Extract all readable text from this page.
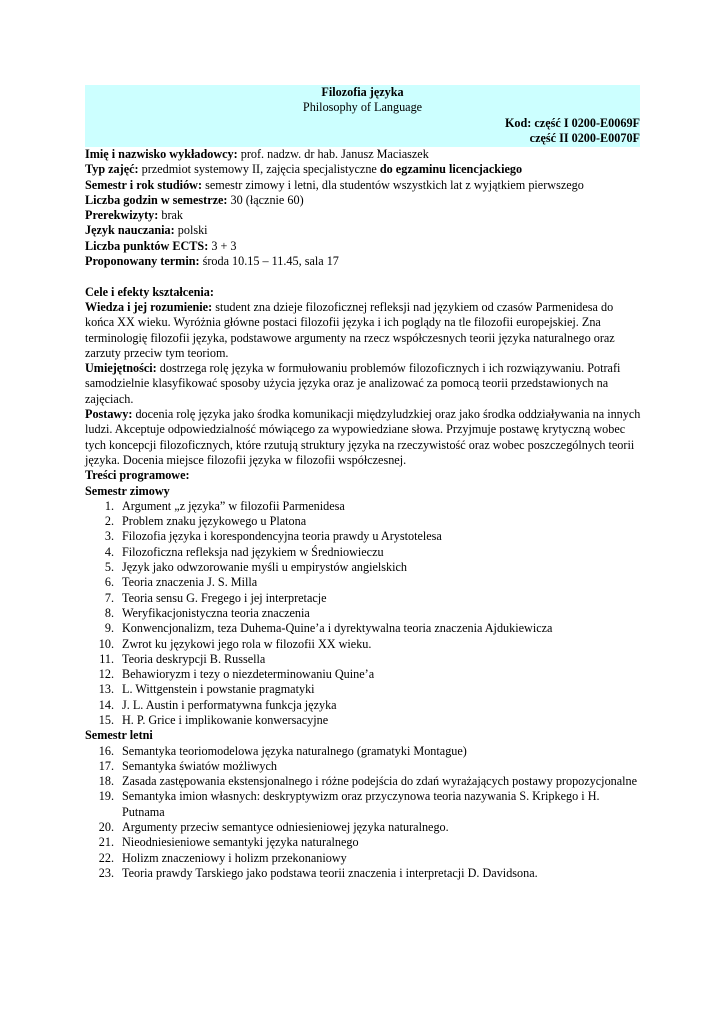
Filozofia języka
Philosophy of Language
Kod: część I 0200-E0069F
część II 0200-E0070F
Imię i nazwisko wykładowcy: prof. nadzw. dr hab. Janusz Maciaszek
Typ zajęć: przedmiot systemowy II, zajęcia specjalistyczne do egzaminu licencjackiego
Semestr i rok studiów: semestr zimowy i letni, dla studentów wszystkich lat z wyjątkiem pierwszego
Liczba godzin w semestrze: 30 (łącznie 60)
Prerekwizyty: brak
Język nauczania: polski
Liczba punktów ECTS: 3 + 3
Proponowany termin: środa 10.15 – 11.45, sala 17
Cele i efekty kształcenia:
Wiedza i jej rozumienie: student zna dzieje filozoficznej refleksji nad językiem od czasów Parmenidesa do końca XX wieku. Wyróżnia główne postaci filozofii języka i ich poglądy na tle filozofii europejskiej. Zna terminologię filozofii języka, podstawowe argumenty na rzecz współczesnych teorii języka naturalnego oraz zarzuty przeciw tym teoriom.
Umiejętności: dostrzega rolę języka w formułowaniu problemów filozoficznych i ich rozwiązywaniu. Potrafi samodzielnie klasyfikować sposoby użycia języka oraz je analizować za pomocą teorii przedstawionych na zajęciach.
Postawy: docenia rolę języka jako środka komunikacji międzyludzkiej oraz jako środka oddziaływania na innych ludzi. Akceptuje odpowiedzialność mówiącego za wypowiedziane słowa. Przyjmuje postawę krytyczną wobec tych koncepcji filozoficznych, które rzutują struktury języka na rzeczywistość oraz wobec poszczególnych teorii języka. Docenia miejsce filozofii języka w filozofii współczesnej.
Treści programowe:
Semestr zimowy
1. Argument „z języka” w filozofii Parmenidesa
2. Problem znaku językowego u Platona
3. Filozofia języka i korespondencyjna teoria prawdy u Arystotelesa
4. Filozoficzna refleksja nad językiem w Średniowieczu
5. Język jako odwzorowanie myśli u empirystów angielskich
6. Teoria znaczenia J. S. Milla
7. Teoria sensu G. Fregego i jej interpretacje
8. Weryfikacjonistyczna teoria znaczenia
9. Konwencjonalizm, teza Duhema-Quine’a i dyrektywalna teoria znaczenia Ajdukiewicza
10. Zwrot ku językowi jego rola w filozofii XX wieku.
11. Teoria deskrypcji B. Russella
12. Behawioryzm i tezy o niezdeterminowaniu Quine’a
13. L. Wittgenstein i powstanie pragmatyki
14. J. L. Austin i performatywna funkcja języka
15. H. P. Grice i implikowanie konwersacyjne
Semestr letni
16. Semantyka teoriomodelowa języka naturalnego (gramatyki Montague)
17. Semantyka światów możliwych
18. Zasada zastępowania ekstensjonalnego i różne podejścia do zdań wyrażających postawy propozycjonalne
19. Semantyka imion własnych: deskryptywizm oraz przyczynowa teoria nazywania S. Kripkego i H. Putnama
20. Argumenty przeciw semantyce odniesieniowej języka naturalnego.
21. Nieodniesieniowe semantyki języka naturalnego
22. Holizm znaczeniowy i holizm przekonaniowy
23. Teoria prawdy Tarskiego jako podstawa teorii znaczenia i interpretacji D. Davidsona.
